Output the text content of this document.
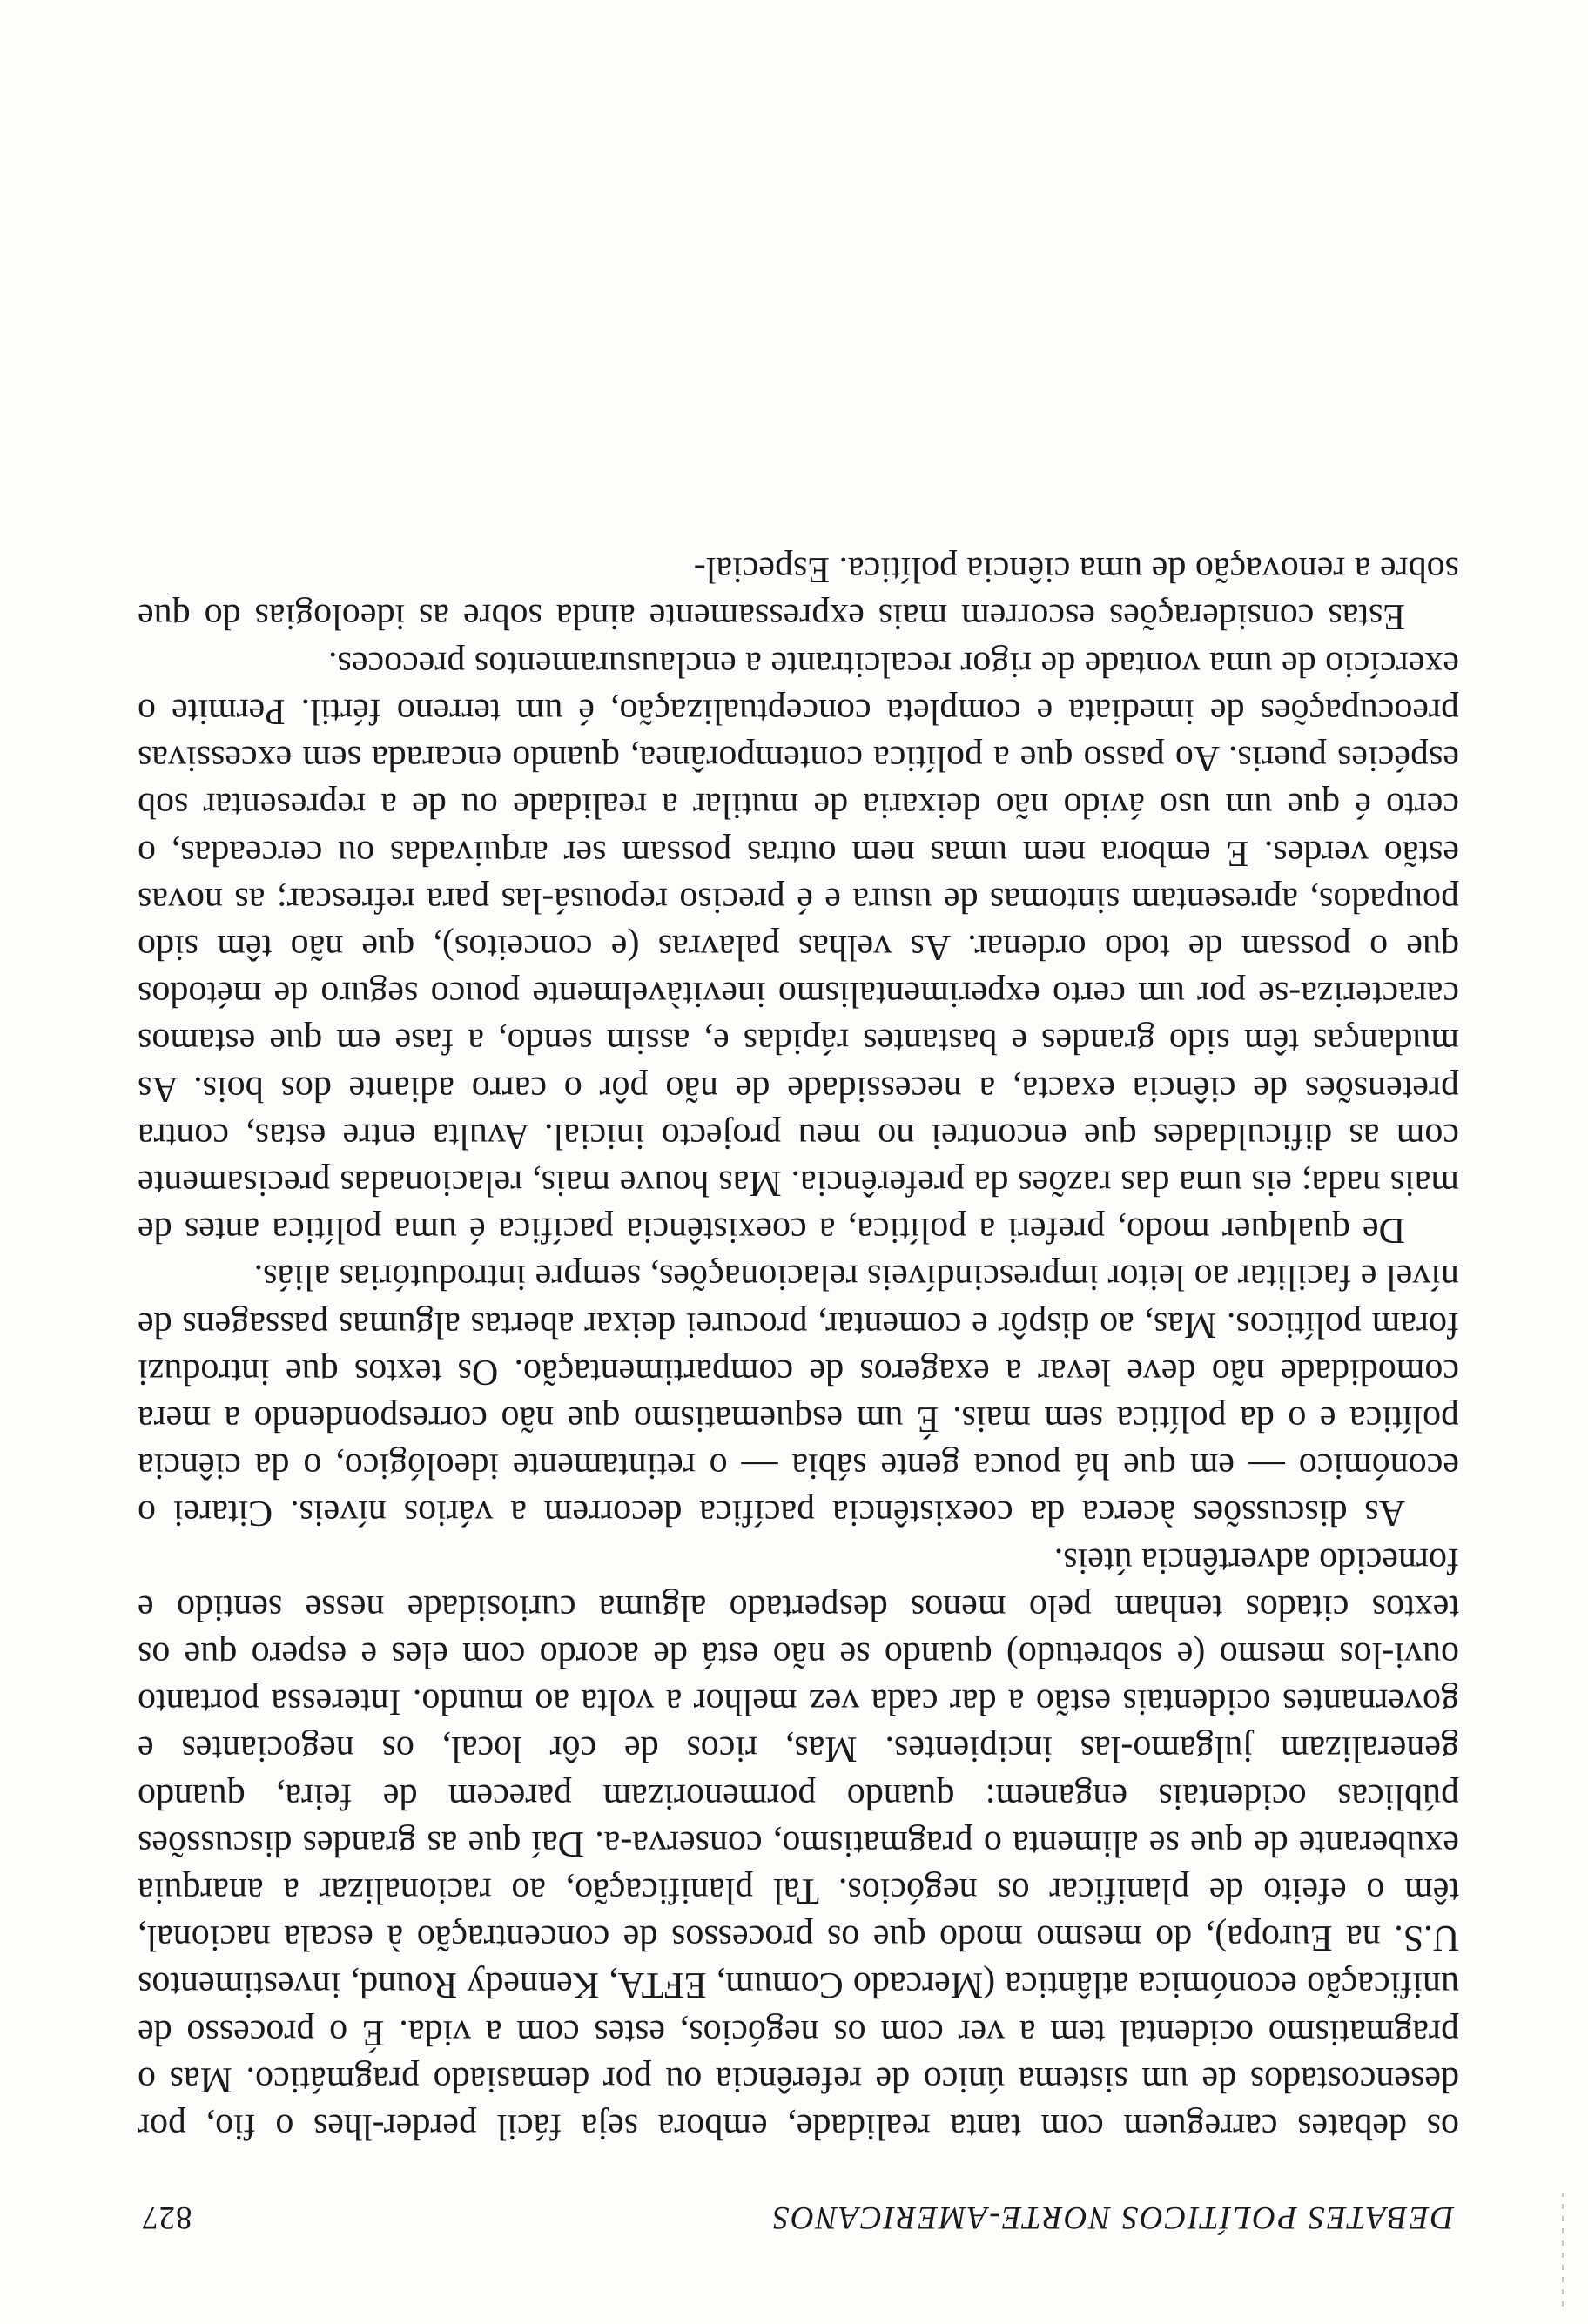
DEBATES POLÍTICOS NORTE-AMERICANOS
827

os debates carreguem com tanta realidade, embora seja fácil perder-lhes o fio, por desencostados de um sistema único de referência ou por demasiado pragmático. Mas o pragmatismo ocidental tem a ver com os negócios, estes com a vida. É o processo de unificação económica atlântica (Mercado Comum, EFTA, Kennedy Round, investimentos U.S. na Europa), do mesmo modo que os processos de concentração à escala nacional, têm o efeito de planificar os negócios. Tal planificação, ao racionalizar a anarquia exuberante de que se alimenta o pragmatismo, conserva-a. Daí que as grandes discussões públicas ocidentais enganem: quando pormenorizam parecem de feira, quando generalizam julgamo-las incipientes. Mas, ricos de côr local, os negociantes e governantes ocidentais estão a dar cada vez melhor a volta ao mundo. Interessa portanto ouvi-los mesmo (e sobretudo) quando se não está de acordo com eles e espero que os textos citados tenham pelo menos despertado alguma curiosidade nesse sentido e fornecido advertência úteis.

As discussões àcerca da coexistência pacífica decorrem a vários níveis. Citarei o económico — em que há pouca gente sábia — o retintamente ideológico, o da ciência política e o da política sem mais. É um esquematismo que não correspondendo a mera comodidade não deve levar a exageros de compartimentação. Os textos que introduzi foram políticos. Mas, ao dispôr e comentar, procurei deixar abertas algumas passagens de nível e facilitar ao leitor imprescindíveis relacionações, sempre introdutórias aliás.

De qualquer modo, preferi a política, a coexistência pacífica é uma política antes de mais nada; eis uma das razões da preferência. Mas houve mais, relacionadas precisamente com as dificuldades que encontrei no meu projecto inicial. Avulta entre estas, contra pretensões de ciência exacta, a necessidade de não pôr o carro adiante dos bois. As mudanças têm sido grandes e bastantes rápidas e, assim sendo, a fase em que estamos caracteriza-se por um certo experimentalismo inevitàvelmente pouco seguro de métodos que o possam de todo ordenar. As velhas palavras (e conceitos), que não têm sido poupados, apresentam sintomas de usura e é preciso repousá-las para refrescar; as novas estão verdes. E embora nem umas nem outras possam ser arquivadas ou cerceadas, o certo é que um uso ávido não deixaria de mutilar a realidade ou de a representar sob espécies pueris. Ao passo que a política contemporânea, quando encarada sem excessivas preocupações de imediata e completa conceptualização, é um terreno fértil. Permite o exercício de uma vontade de rigor recalcitrante a enclausuramentos precoces.

Estas considerações escorrem mais expressamente ainda sobre as ideologias do que sobre a renovação de uma ciência política. Especial-
